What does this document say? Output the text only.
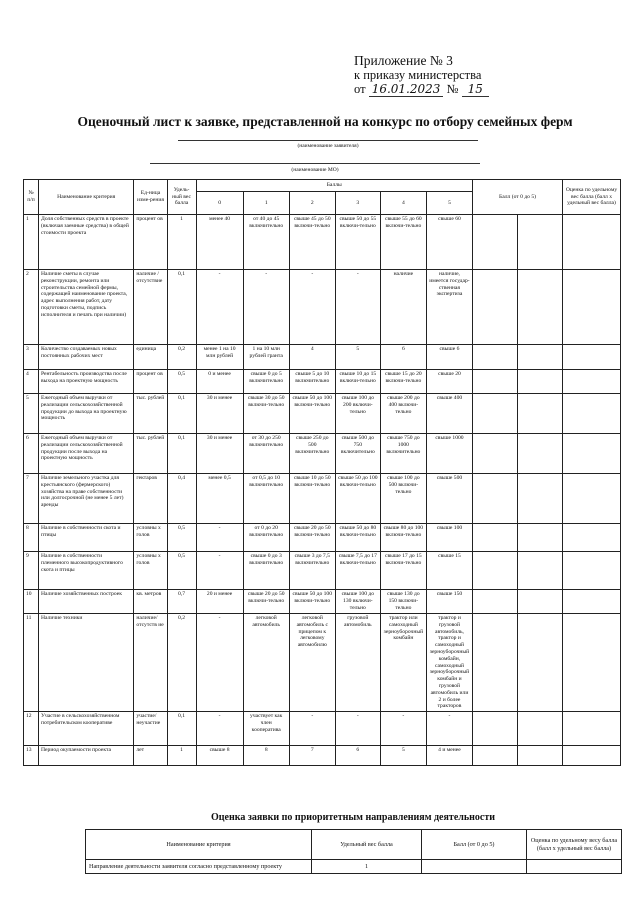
Приложение № 3
к приказу министерства
от 16.01.2023 № 15
Оценочный лист к заявке, представленной на конкурс по отбору семейных ферм
(наименование заявителя)
(наименование МО)
№ п/п	Наименование критерия	Ед-ница изме-рения	Удель-ный вес балла	Баллы						Балл (от 0 до 5)		Оценка по удельному вес балла (балл х удельный вес балла)
				0	1	2	3	4	5			
1	Доля собственных средств в проекте (включая заемные средства) в общей стоимости проекта	процент ов	1	менее 40	от 40 до 45 включительно	свыше 45 до 50 включи-тельно	свыше 50 до 55 включи-тельно	свыше 55 до 60 включи-тельно	свыше 60			
2	Наличие сметы в случае реконструкции, ремонта или строительства семейной фермы, содержащей наименование проекта, адрес выполнения работ, дату подготовки сметы, подпись исполнителя и печать при наличии)	наличие /отсутствие	0,1	-	-	-	-	наличие	наличие, имеется государ-ственная экспертиза			
3	Количество создаваемых новых постоянных рабочих мест	единица	0,2	менее 1 на 10 млн рублей	1 на 10 млн рублей гранта	4	5	6	свыше 6			
4	Рентабельность производства после выхода на проектную мощность	процент ов	0,5	0 и менее	свыше 0 до 5 включительно	свыше 5 до 10 включительно	свыше 10 до 15 включи-тельно	свыше 15 до 20 включи-тельно	свыше 20			
5	Ежегодный объем выручки от реализации сельскохозяйственной продукции до выхода на проектную мощность	тыс. рублей	0,1	30 и менее	свыше 30 до 50 включи-тельно	свыше 50 до 100 включи-тельно	свыше 100 до 200 включи-тельно	свыше 200 до 400 включи-тельно	свыше 400			
6	Ежегодный объем выручки от реализации сельскохозяйственной продукции после выхода на проектную мощность	тыс. рублей	0,1	30 и менее	от 30 до 250 включительно	свыше 250 до 500 включительно	свыше 500 до 750 включительно	свыше 750 до 1000 включительно	свыше 1000			
7	Наличие земельного участка для крестьянского (фермерского) хозяйства на праве собственности или долгосрочной (не менее 5 лет) аренды	гектаров	0,4	менее 0,5	от 0,5 до 10 включительно	свыше 10 до 50 включи-тельно	свыше 50 до 100 включи-тельно	свыше 100 до 500 включи-тельно	свыше 500			
8	Наличие в собственности скота и птицы	условны х голов	0,5	-	от 0 до 20 включительно	свыше 20 до 50 включи-тельно	свыше 50 до 80 включи-тельно	свыше 80 до 100 включи-тельно	свыше 100			
9	Наличие в собственности племенного высокопродуктивного скота и птицы	условны х голов	0,5	-	свыше 0 до 3 включительно	свыше 3 до 7,5 включительно	свыше 7,5 до 17 включи-тельно	свыше 17 до 15 включи-тельно	свыше 15			
10	Наличие хозяйственных построек	кв. метров	0,7	20 и менее	свыше 20 до 50 включи-тельно	свыше 50 до 100 включи-тельно	свыше 100 до 130 включи-тельно	свыше 130 до 150 включи-тельно	свыше 150			
11	Наличие техники	наличие/ отсутств ие	0,2	-	легковой автомобиль	легковой автомобиль с прицепом к легковому автомобилю	грузовой автомобиль	трактор или самоходный зерноуборочный комбайн	трактор и грузовой автомобиль, трактор и самоходный зерноуборочный комбайн, самоходный зерноуборочный комбайн и грузовой автомобиль или 2 и более тракторов			
12	Участие в сельскохозяйственном потребительском кооперативе	участие/ неучастие	0,1	-	участвует как член кооператива	-	-	-	-			
13	Период окупаемости проекта	лет	1	свыше 8	8	7	6	5	4 и менее			
Оценка заявки по приоритетным направлениям деятельности
Наименование критерия	Удельный вес балла	Балл (от 0 до 5)	Оценка по удельному весу балла (балл х удельный вес балла)
Направление деятельности заявителя согласно представленному проекту	1		
